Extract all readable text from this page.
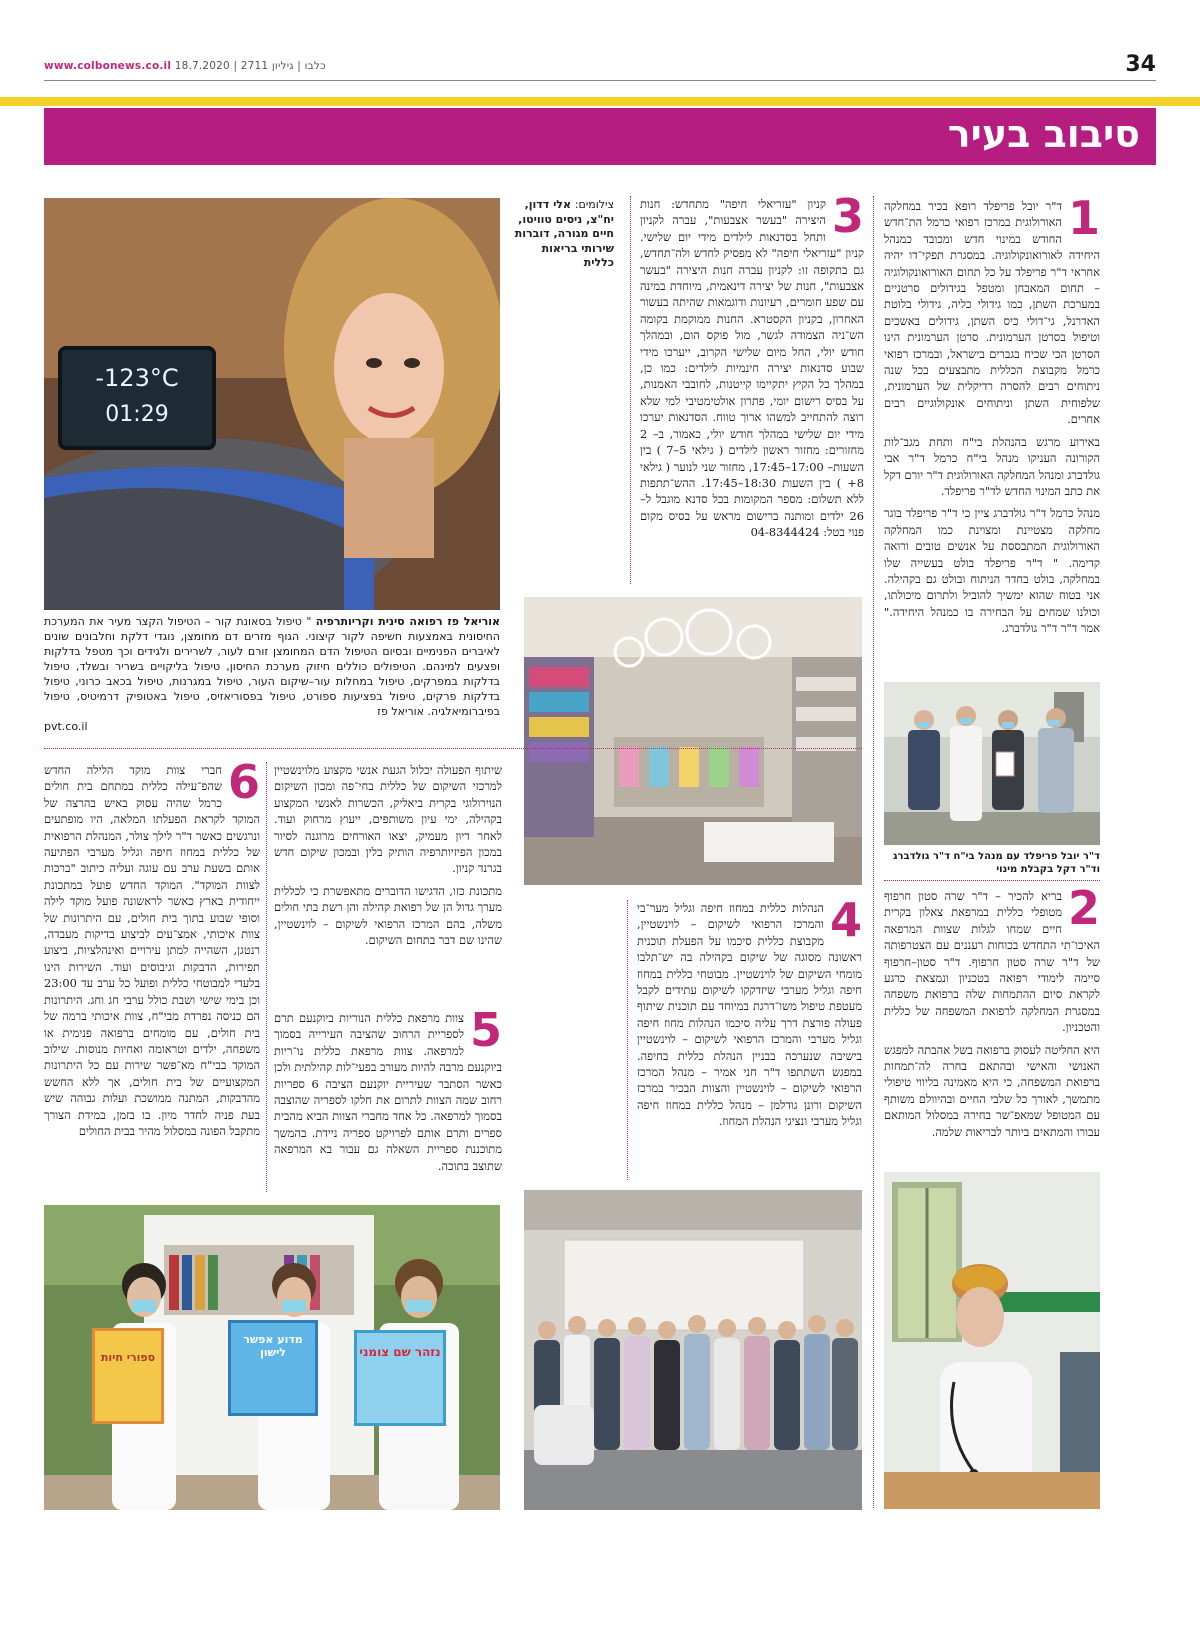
www.colbonews.co.il כלבו | גיליון 2711 | 18.7.2020	34
סיבוב בעיר
1

ד"ר יובל פריפלד רופא בכיר במחלקה האורולוגית במרכז רפואי כרמל הת־חדש החודש במינוי חדש ומכובד כמנהל היחידה לאורואונקולוגיה. במסגרת תפקי־דו יהיה אחראי ד"ר פריפלד על כל תחום האורואונקולוגיה – תחום המאבחן ומטפל בגידולים סרטניים במערכת השתן, כמו גידולי כליה, גידולי בלוטת האדרנל, גי־דולי כיס השתן, גידולים באשכים וטיפול בסרטן הערמונית. סרטן הערמונית הינו הסרטן הכי שכיח בגברים בישראל, ובמרכז רפואי כרמל מקבוצת הכללית מתבצעים בכל שנה ניתוחים רבים להסרה רדיקלית של הערמונית, שלפוחית השתן וניתוחים אונקולוגיים רבים אחרים.

באירוע מרגש בהנהלת בי"ח ותחת מגב־לות הקורונה העניקו מנהל בי"ח כרמל ד"ר אבי גולדברג ומנהל המחלקה האורולוגית ד"ר יורם דקל את כתב המינוי החדש לד"ר פריפלד.

מנהל כרמל ד"ר גולדברג ציין כי ד"ר פריפלד בוגר מחלקה מצטיינת ומצוינת כמו המחלקה האורולוגית המתבססת על אנשים טובים ורואה קדימה. " ד"ר פריפלד בולט בעשייה שלו במחלקה, בולט בחדר הניתוח ובולט גם בקהילה. אני בטוח שהוא ימשיך להוביל ולתרום מיכולתו, וכולנו שמחים על הבחירה בו כמנהל היחידה." אמר ד"ר ד"ר גולדברג.

ד"ר יובל פריפלד עם מנהל בי"ח ד"ר גולדברג וד"ר דקל בקבלת מינוי
2

בריא להכיר – ד"ר שרה סטון חרפוף מטופלי כללית במרפאת צאלון בקרית חיים שמחו לגלות שצוות המרפאה האיכו־תי התחדש בכוחות רעננים עם הצטרפותה של ד"ר שרה סטון חרפוף. ד"ר סטון–חרפוף סיימה לימודי רפואה בטכניון ונמצאת כרגע לקראת סיום ההתמחות שלה ברפואת משפחה במסגרת המחלקה לרפואת המשפחה של כללית והטכניון.

היא החליטה לעסוק ברפואה בשל אהבתה למפגש האנושי והאישי ובהתאם בחרה לה־תמחות ברפואת המשפחה, כי היא מאמינה בליווי טיפולי מתמשך, לאורך כל שלבי החיים ובהיוולם משותף עם המטופל שמאפ־שר בחירה במסלול המותאם עבורו והמתאים ביותר לבריאות שלמה.

צילומים: אלי דדון, יח"צ, ניסים טוויטו, חיים מגורה, דוברות שירותי בריאות כללית
3

קניון "עזריאלי חיפה" מתחדש: חנות היצירה "בעשר אצבעות", עברה לקניון ותחל בסדנאות לילדים מידי יום שלישי. קניון "עזריאלי חיפה" לא מפסיק לחדש ולה־תחדש, גם בתקופה זו: לקניון עברה חנות היצירה "בעשר אצבעות", חנות של יצירה דינאמית, מיוחדת במינה עם שפע חומרים, רעיונות ודוגמאות שהיתה בעשור האחרון, בקניון הקסטרא. החנות ממוקמת בקומה הש־ניה הצמודה לגשר, מול פוקס הום, ובמהלך חודש יולי, החל מיום שלישי הקרוב, ייערכו מידי שבוע סדנאות יצירה חינמיות לילדים: כמו כן, במהלך כל הקיץ יתקיימו קייטנות, לחובבי האמנות, על בסיס רישום יומי, פתרון אולטימטיבי למי שלא רוצה להתחייב למשהו ארוך טווח. הסדנאות יערכו מידי יום שלישי במהלך חודש יולי, כאמור, ב– 2 מחזורים: מחזור ראשון לילדים ( גילאי 5–7 ) בין השעות– 17:00–17:45, מחזור שני לנוער ( גילאי 8+ ) בין השעות 18:30–17:45. ההש־תתפות ללא תשלום: מספר המקומות בכל סדנא מוגבל ל– 26 ילדים ומותנה ברישום מראש על בסיס מקום פנוי בטל: 04-8344424

-123°C
01:29
אוריאל פז רפואה סינית וקריותרפיה " טיפול בסאונת קור – הטיפול הקצר מעיר את המערכת החיסונית באמצעות חשיפה לקור קיצוני. הגוף מזרים דם מחומצן, נוגדי דלקת וחלבונים שונים לאיברים הפנימיים ובסיום הטיפול הדם המחומצן זורם לעור, לשרירים ולגידים וכך מטפל בדלקות ופצעים למינהם. הטיפולים כוללים חיזוק מערכת החיסון, טיפול בליקויים בשריר ובשלד, טיפול בדלקות במפרקים, טיפול במחלות עור–שיקום העור, טיפול במגרנות, טיפול בכאב כרוני, טיפול בדלקות פרקים, טיפול בפציעות ספורט, טיפול בפסוריאזיס, טיפול באטופיק דרמיטיס, טיפול בפיברומיאלגיה. אוריאל פז
pvt.co.il
4

הנהלות כללית במחוז חיפה וגליל מער־בי והמרכז הרפואי לשיקום – לוינשטיין, מקבוצת כללית סיכמו על הפעלת תוכנית ראשונה מסוגה של שיקום בקהילה בה יש־תלבו מומחי השיקום של לוינשטיין. מבוטחי כללית במחוז חיפה וגליל מערבי שיזדקקו לשיקום עתידים לקבל מעטפת טיפול משו־דרגת במיוחד עם תוכנית שיתוף פעולה פורצת דרך עליה סיכמו הנהלות מחוז חיפה וגליל מערבי והמרכז הרפואי לשיקום – לוינשטיין בישיבה שנערכה בבניין הנהלת כללית בחיפה. במפגש השתתפו ד"ר חני אמיר – מנהל המרכז הרפואי לשיקום – לוינשטיין והצוות הבכיר במרכז השיקום ורונן גודלמן – מנהל כללית במחוז חיפה וגליל מערבי ונציגי הנהלת המחוז.

שיתוף הפעולה יכלול הגעת אנשי מקצוע מלוינשטיין למרכזי השיקום של כללית בחי־פה ומכון השיקום הנוירולוגי בקרית ביאליק, הכשרות לאנשי המקצוע בקהילה, ימי עיון משותפים, ייעוץ מרחוק ועוד. לאחר דיון מעמיק, יצאו האורחים מרוגנה לסיור במכון הפיזיותרפיה הותיק בלין ובמכון שיקום חדש בגרנד קניון.

מתכונת כזו, הדגישו הדוברים מתאפשרת כי לכללית מערך גדול הן של רפואת קהילה והן רשת בתי חולים משלה, בהם המרכז הרפואי לשיקום – לוינשטיין, שהינו שם דבר בתחום השיקום.

5

צוות מרפאת כללית הנוריות ביוקנעם תרם לספריית הרחוב שהציבה העירייה בסמוך למרפאה. צוות מרפאת כללית נו־ריות ביוקנעם מרבה להיות מעורב בפעי־לות קהילתית ולכן כאשר הסתבר שעיריית יוקנעם הציבה 6 ספריות רחוב שמה הצוות לתרום את חלקו לספריה שהוצבה בסמוך למרפאה. כל אחד מחברי הצוות הביא מהבית ספרים ותרם אותם לפרויקט ספריה ניידת. בהמשך מתוכננת ספריית השאלה גם עבור בא המרפאה שתוצב בתוכה.

6

חברי צוות מוקד הלילה החדש שהפ־עילה כללית במתחם בית חולים כרמל שהיה עסוק באיש בהרצה של המוקד לקראת הפעלתו המלאה, היו מופתעים ונרגשים כאשר ד"ר לילך צולר, המנהלת הרפואית של כללית במחוז חיפה וגליל מערבי הפתיעה אותם בשעת ערב עם עוגה ועליה כיתוב "ברכות לצוות המוקד". המוקד החדש פועל במתכונת ייחודית בארץ כאשר לראשונה פועל מוקד לילה וסופי שבוע בתוך בית חולים, עם היתרונות של צוות איכותי, אמצ־עים לביצוע בדיקות מעבדה, רנטגן, השהייה למתן עירויים ואינהלציות, ביצוע תפירות, הדבקות וגיבוסים ועוד. השירות הינו בלעדי למבוטחי כללית ופועל כל ערב עד 23:00 וכן בימי שישי ושבת כולל ערבי חג וחג. היתרונות הם כניסה נפרדת מבי"ח, צוות איכותי ברמה של בית חולים, עם מומחים ברפואה פנימית או משפחה, ילדים וטראומה ואחיות מנוסות. שילוב המוקד בבי"ח מא־פשר שירות עם כל היתרונות המקצועיים של בית חולים, אך ללא החשש מהדבקות, המתנה ממושכת ועלות גבוהה שיש בעת פניה לחדר מיון. בו בזמן, במידת הצורך מתקבל הפונה במסלול מהיר בבית החולים

ספורי חיות
מדוע אפשר לישון	נזהר שם צומני
